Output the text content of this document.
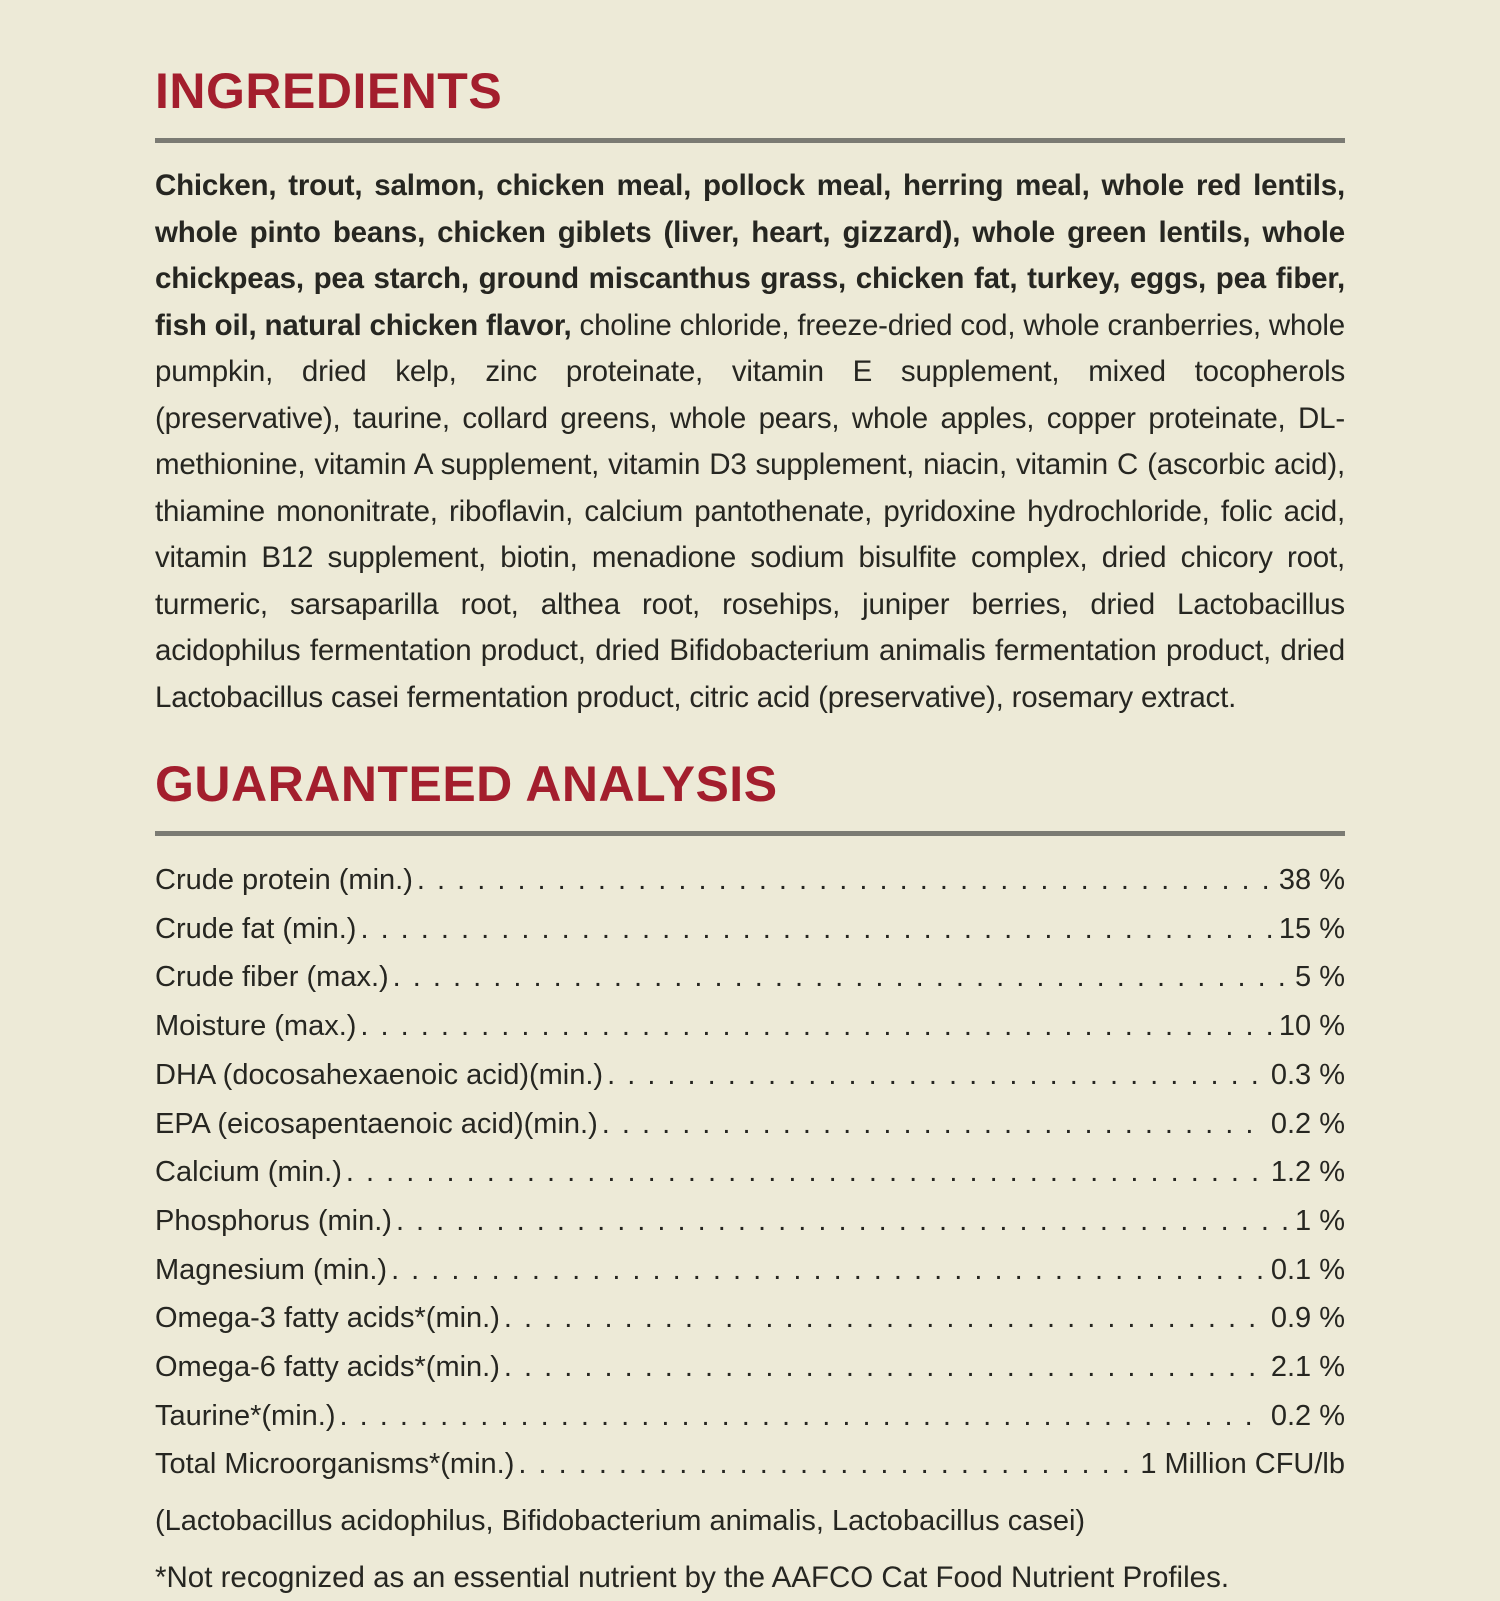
INGREDIENTS

Chicken, trout, salmon, chicken meal, pollock meal, herring meal, whole red lentils, whole pinto beans, chicken giblets (liver, heart, gizzard), whole green lentils, whole chickpeas, pea starch, ground miscanthus grass, chicken fat, turkey, eggs, pea fiber, fish oil, natural chicken flavor, choline chloride, freeze-dried cod, whole cranberries, whole pumpkin, dried kelp, zinc proteinate, vitamin E supplement, mixed tocopherols (preservative), taurine, collard greens, whole pears, whole apples, copper proteinate, DL-methionine, vitamin A supplement, vitamin D3 supplement, niacin, vitamin C (ascorbic acid), thiamine mononitrate, riboflavin, calcium pantothenate, pyridoxine hydrochloride, folic acid, vitamin B12 supplement, biotin, menadione sodium bisulfite complex, dried chicory root, turmeric, sarsaparilla root, althea root, rosehips, juniper berries, dried Lactobacillus acidophilus fermentation product, dried Bifidobacterium animalis fermentation product, dried Lactobacillus casei fermentation product, citric acid (preservative), rosemary extract.

GUARANTEED ANALYSIS
Crude protein (min.) . . .	38 %
Crude fat (min.) . . .	15 %
Crude fiber (max.) . . .	5 %
Moisture (max.) . . .	10 %
DHA (docosahexaenoic acid)(min.) . . .	0.3 %
EPA (eicosapentaenoic acid)(min.) . . .	0.2 %
Calcium (min.) . . .	1.2 %
Phosphorus (min.) . . .	1 %
Magnesium (min.) . . .	0.1 %
Omega-3 fatty acids*(min.) . . .	0.9 %
Omega-6 fatty acids*(min.) . . .	2.1 %
Taurine*(min.) . . .	0.2 %
Total Microorganisms*(min.) . . .	1 Million CFU/lb
(Lactobacillus acidophilus, Bifidobacterium animalis, Lactobacillus casei)
*Not recognized as an essential nutrient by the AAFCO Cat Food Nutrient Profiles.
